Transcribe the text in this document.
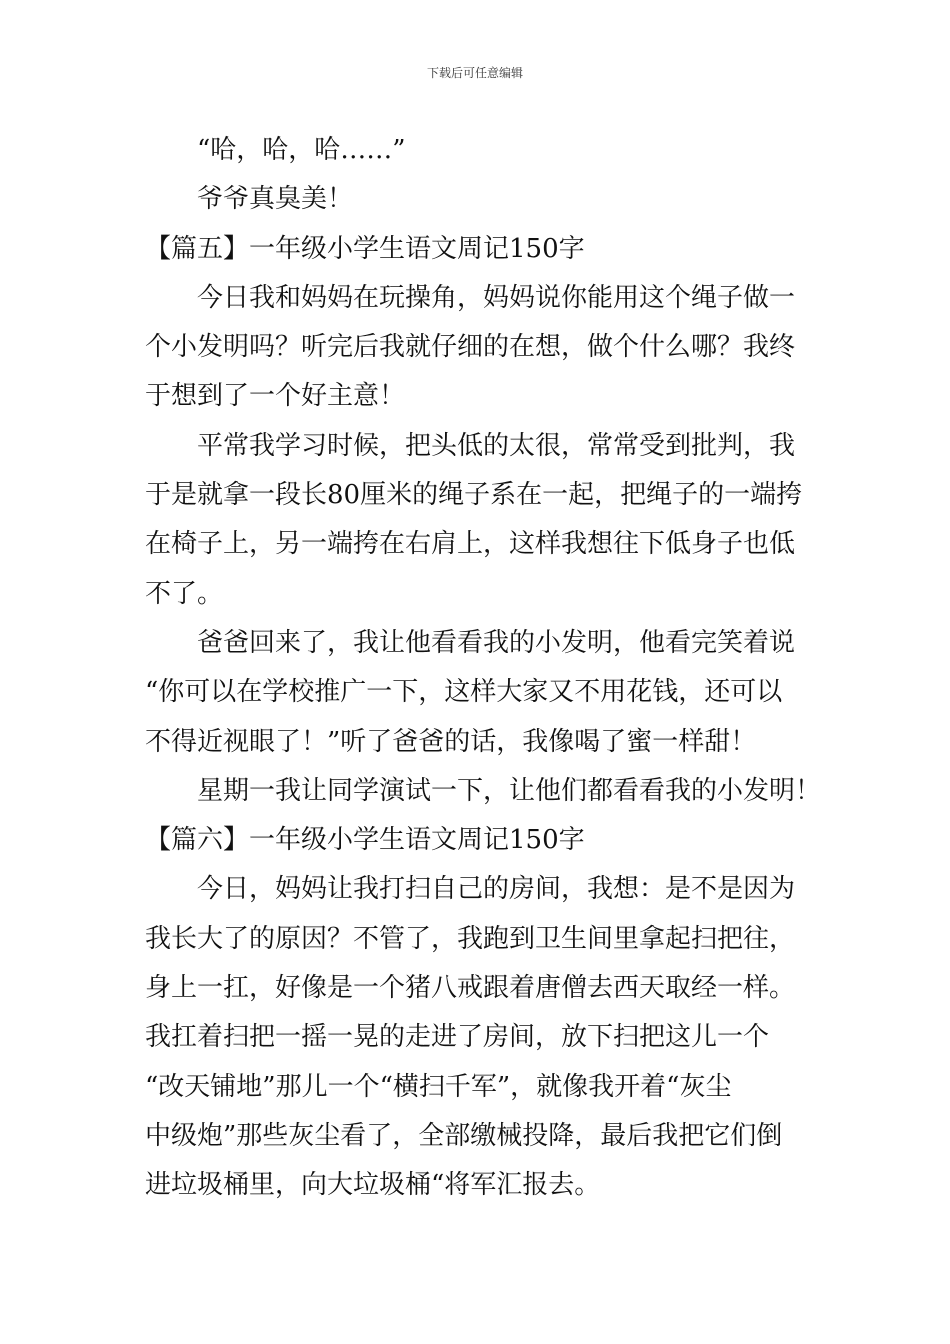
下载后可任意编辑
“哈，哈，哈……”
爷爷真臭美！
【篇五】一年级小学生语文周记150字
今日我和妈妈在玩操角，妈妈说你能用这个绳子做一
个小发明吗？听完后我就仔细的在想，做个什么哪？我终
于想到了一个好主意！
平常我学习时候，把头低的太很，常常受到批判，我
于是就拿一段长80厘米的绳子系在一起，把绳子的一端挎
在椅子上，另一端挎在右肩上，这样我想往下低身子也低
不了。
爸爸回来了，我让他看看我的小发明，他看完笑着说
“你可以在学校推广一下，这样大家又不用花钱，还可以
不得近视眼了！”听了爸爸的话，我像喝了蜜一样甜！
星期一我让同学演试一下，让他们都看看我的小发明！
【篇六】一年级小学生语文周记150字
今日，妈妈让我打扫自己的房间，我想：是不是因为
我长大了的原因？不管了，我跑到卫生间里拿起扫把往，
身上一扛，好像是一个猪八戒跟着唐僧去西天取经一样。
我扛着扫把一摇一晃的走进了房间，放下扫把这儿一个
“改天铺地”那儿一个“横扫千军”，就像我开着“灰尘
中级炮”那些灰尘看了，全部缴械投降，最后我把它们倒
进垃圾桶里，向大垃圾桶“将军汇报去。
